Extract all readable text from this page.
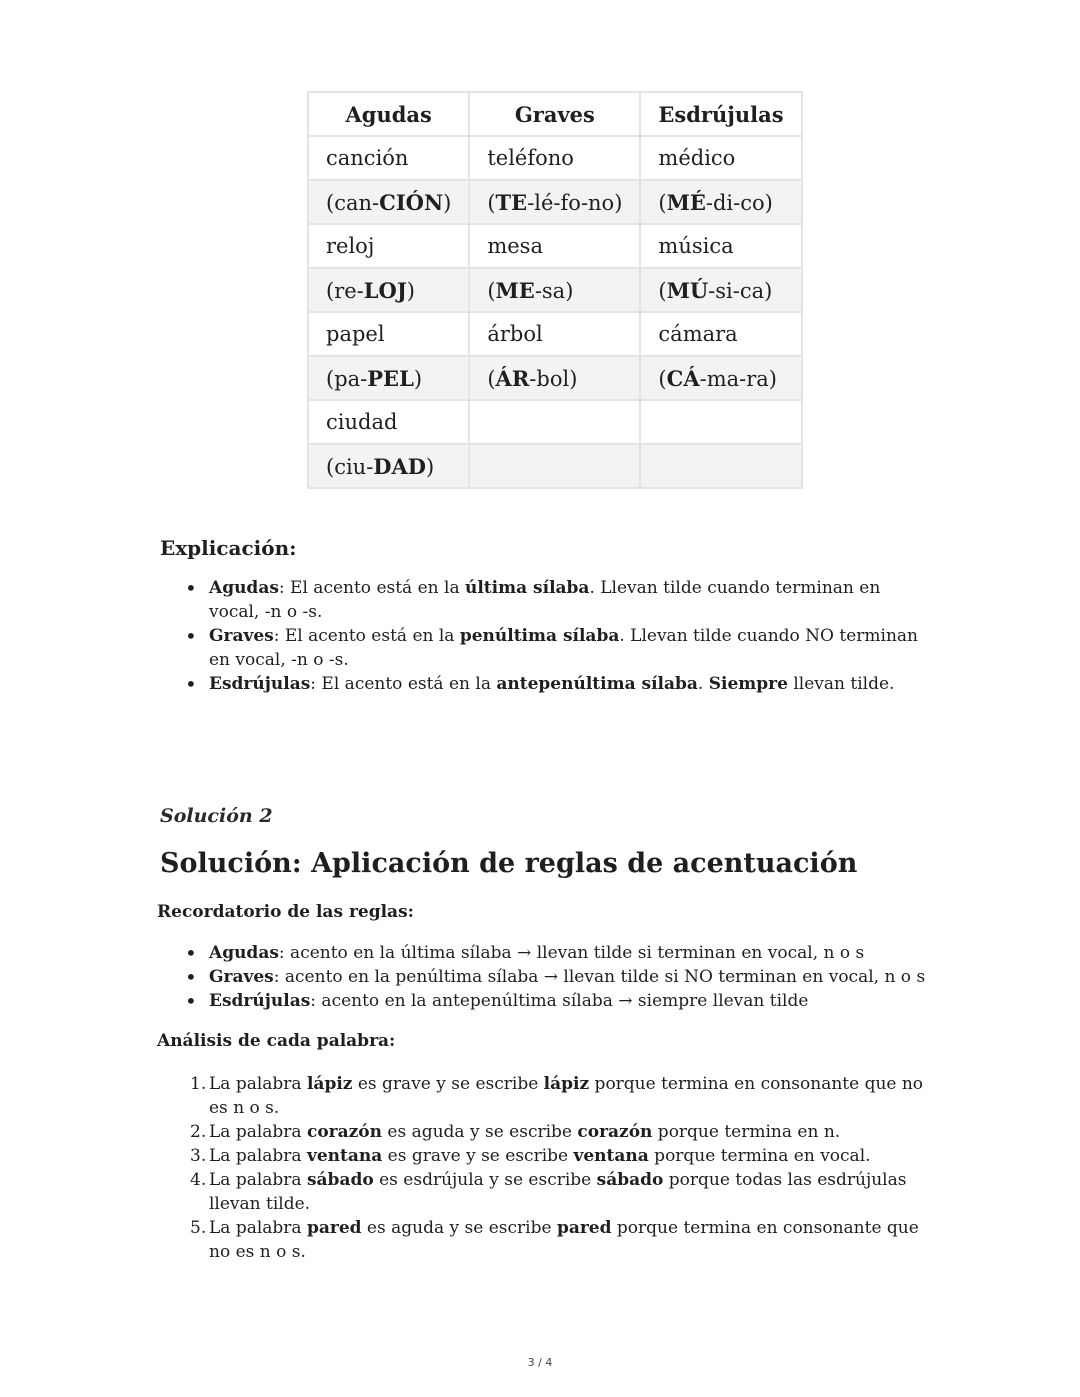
Agudas	Graves	Esdrújulas
canción	teléfono	médico
(can-CIÓN)	(TE-lé-fo-no)	(MÉ-di-co)
reloj	mesa	música
(re-LOJ)	(ME-sa)	(MÚ-si-ca)
papel	árbol	cámara
(pa-PEL)	(ÁR-bol)	(CÁ-ma-ra)
ciudad		
(ciu-DAD)		
Explicación:
• Agudas: El acento está en la última sílaba. Llevan tilde cuando terminan en vocal, -n o -s.
• Graves: El acento está en la penúltima sílaba. Llevan tilde cuando NO terminan en vocal, -n o -s.
• Esdrújulas: El acento está en la antepenúltima sílaba. Siempre llevan tilde.

Solución 2

Solución: Aplicación de reglas de acentuación
Recordatorio de las reglas:
• Agudas: acento en la última sílaba → llevan tilde si terminan en vocal, n o s
• Graves: acento en la penúltima sílaba → llevan tilde si NO terminan en vocal, n o s
• Esdrújulas: acento en la antepenúltima sílaba → siempre llevan tilde
Análisis de cada palabra:
1. La palabra lápiz es grave y se escribe lápiz porque termina en consonante que no es n o s.
2. La palabra corazón es aguda y se escribe corazón porque termina en n.
3. La palabra ventana es grave y se escribe ventana porque termina en vocal.
4. La palabra sábado es esdrújula y se escribe sábado porque todas las esdrújulas llevan tilde.
5. La palabra pared es aguda y se escribe pared porque termina en consonante que no es n o s.
3 / 4
